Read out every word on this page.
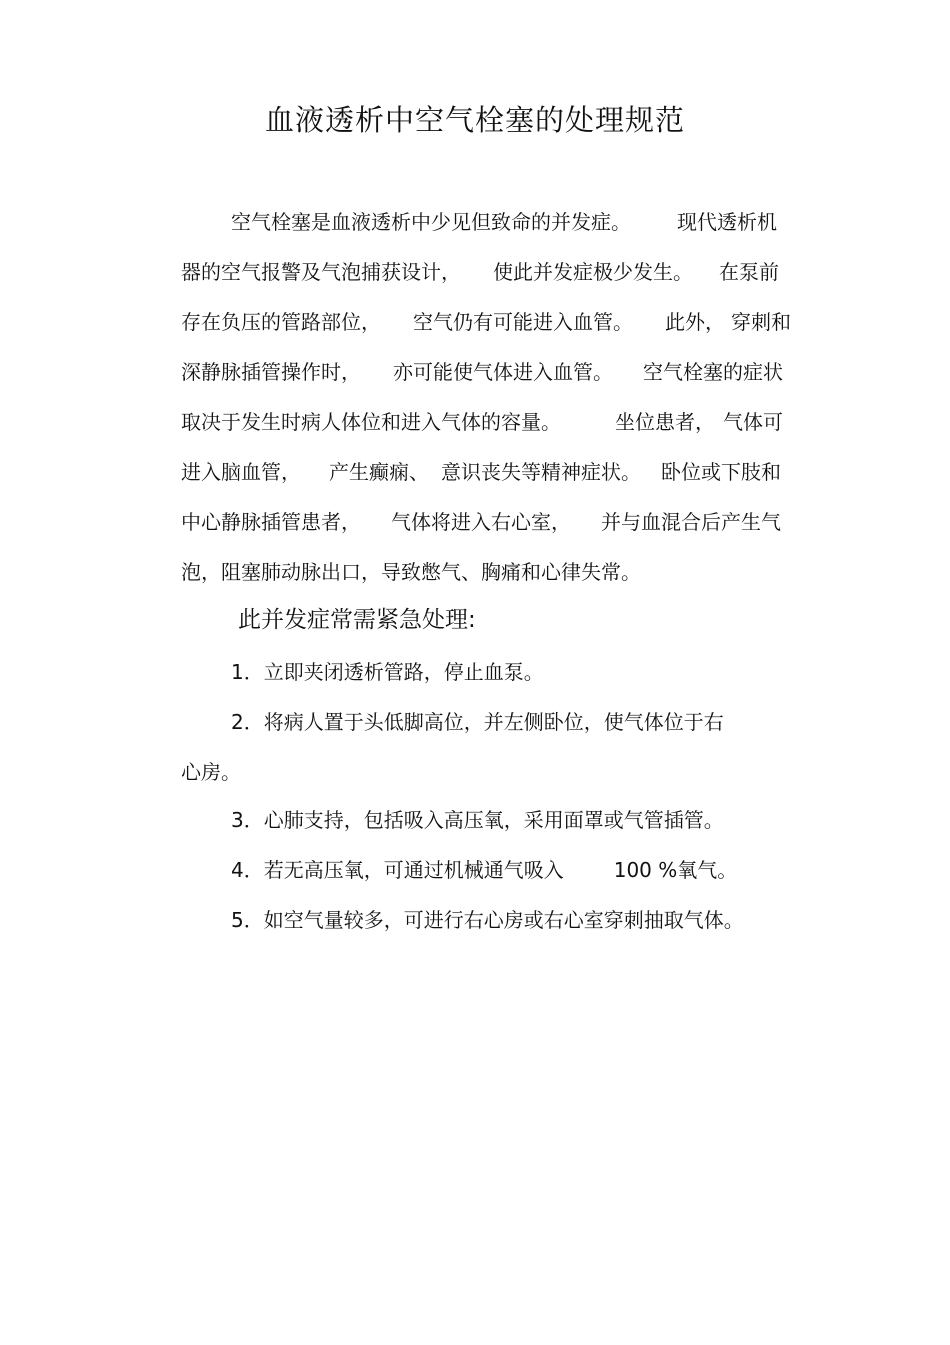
血液透析中空气栓塞的处理规范
空气栓塞是血液透析中少见但致命的并发症。 现代透析机
器的空气报警及气泡捕获设计， 使此并发症极少发生。 在泵前
存在负压的管路部位， 空气仍有可能进入血管。 此外， 穿刺和
深静脉插管操作时， 亦可能使气体进入血管。 空气栓塞的症状
取决于发生时病人体位和进入气体的容量。	坐位患者， 气体可
进入脑血管， 产生癫痫、 意识丧失等精神症状。 卧位或下肢和
中心静脉插管患者， 气体将进入右心室， 并与血混合后产生气
泡，阻塞肺动脉出口，导致憋气、胸痛和心律失常。
此并发症常需紧急处理:
1．立即夹闭透析管路，停止血泵。
2．将病人置于头低脚高位，并左侧卧位，使气体位于右
心房。
3．心肺支持，包括吸入高压氧，采用面罩或气管插管。
4．若无高压氧，可通过机械通气吸入	100 %氧气。
5．如空气量较多，可进行右心房或右心室穿刺抽取气体。
